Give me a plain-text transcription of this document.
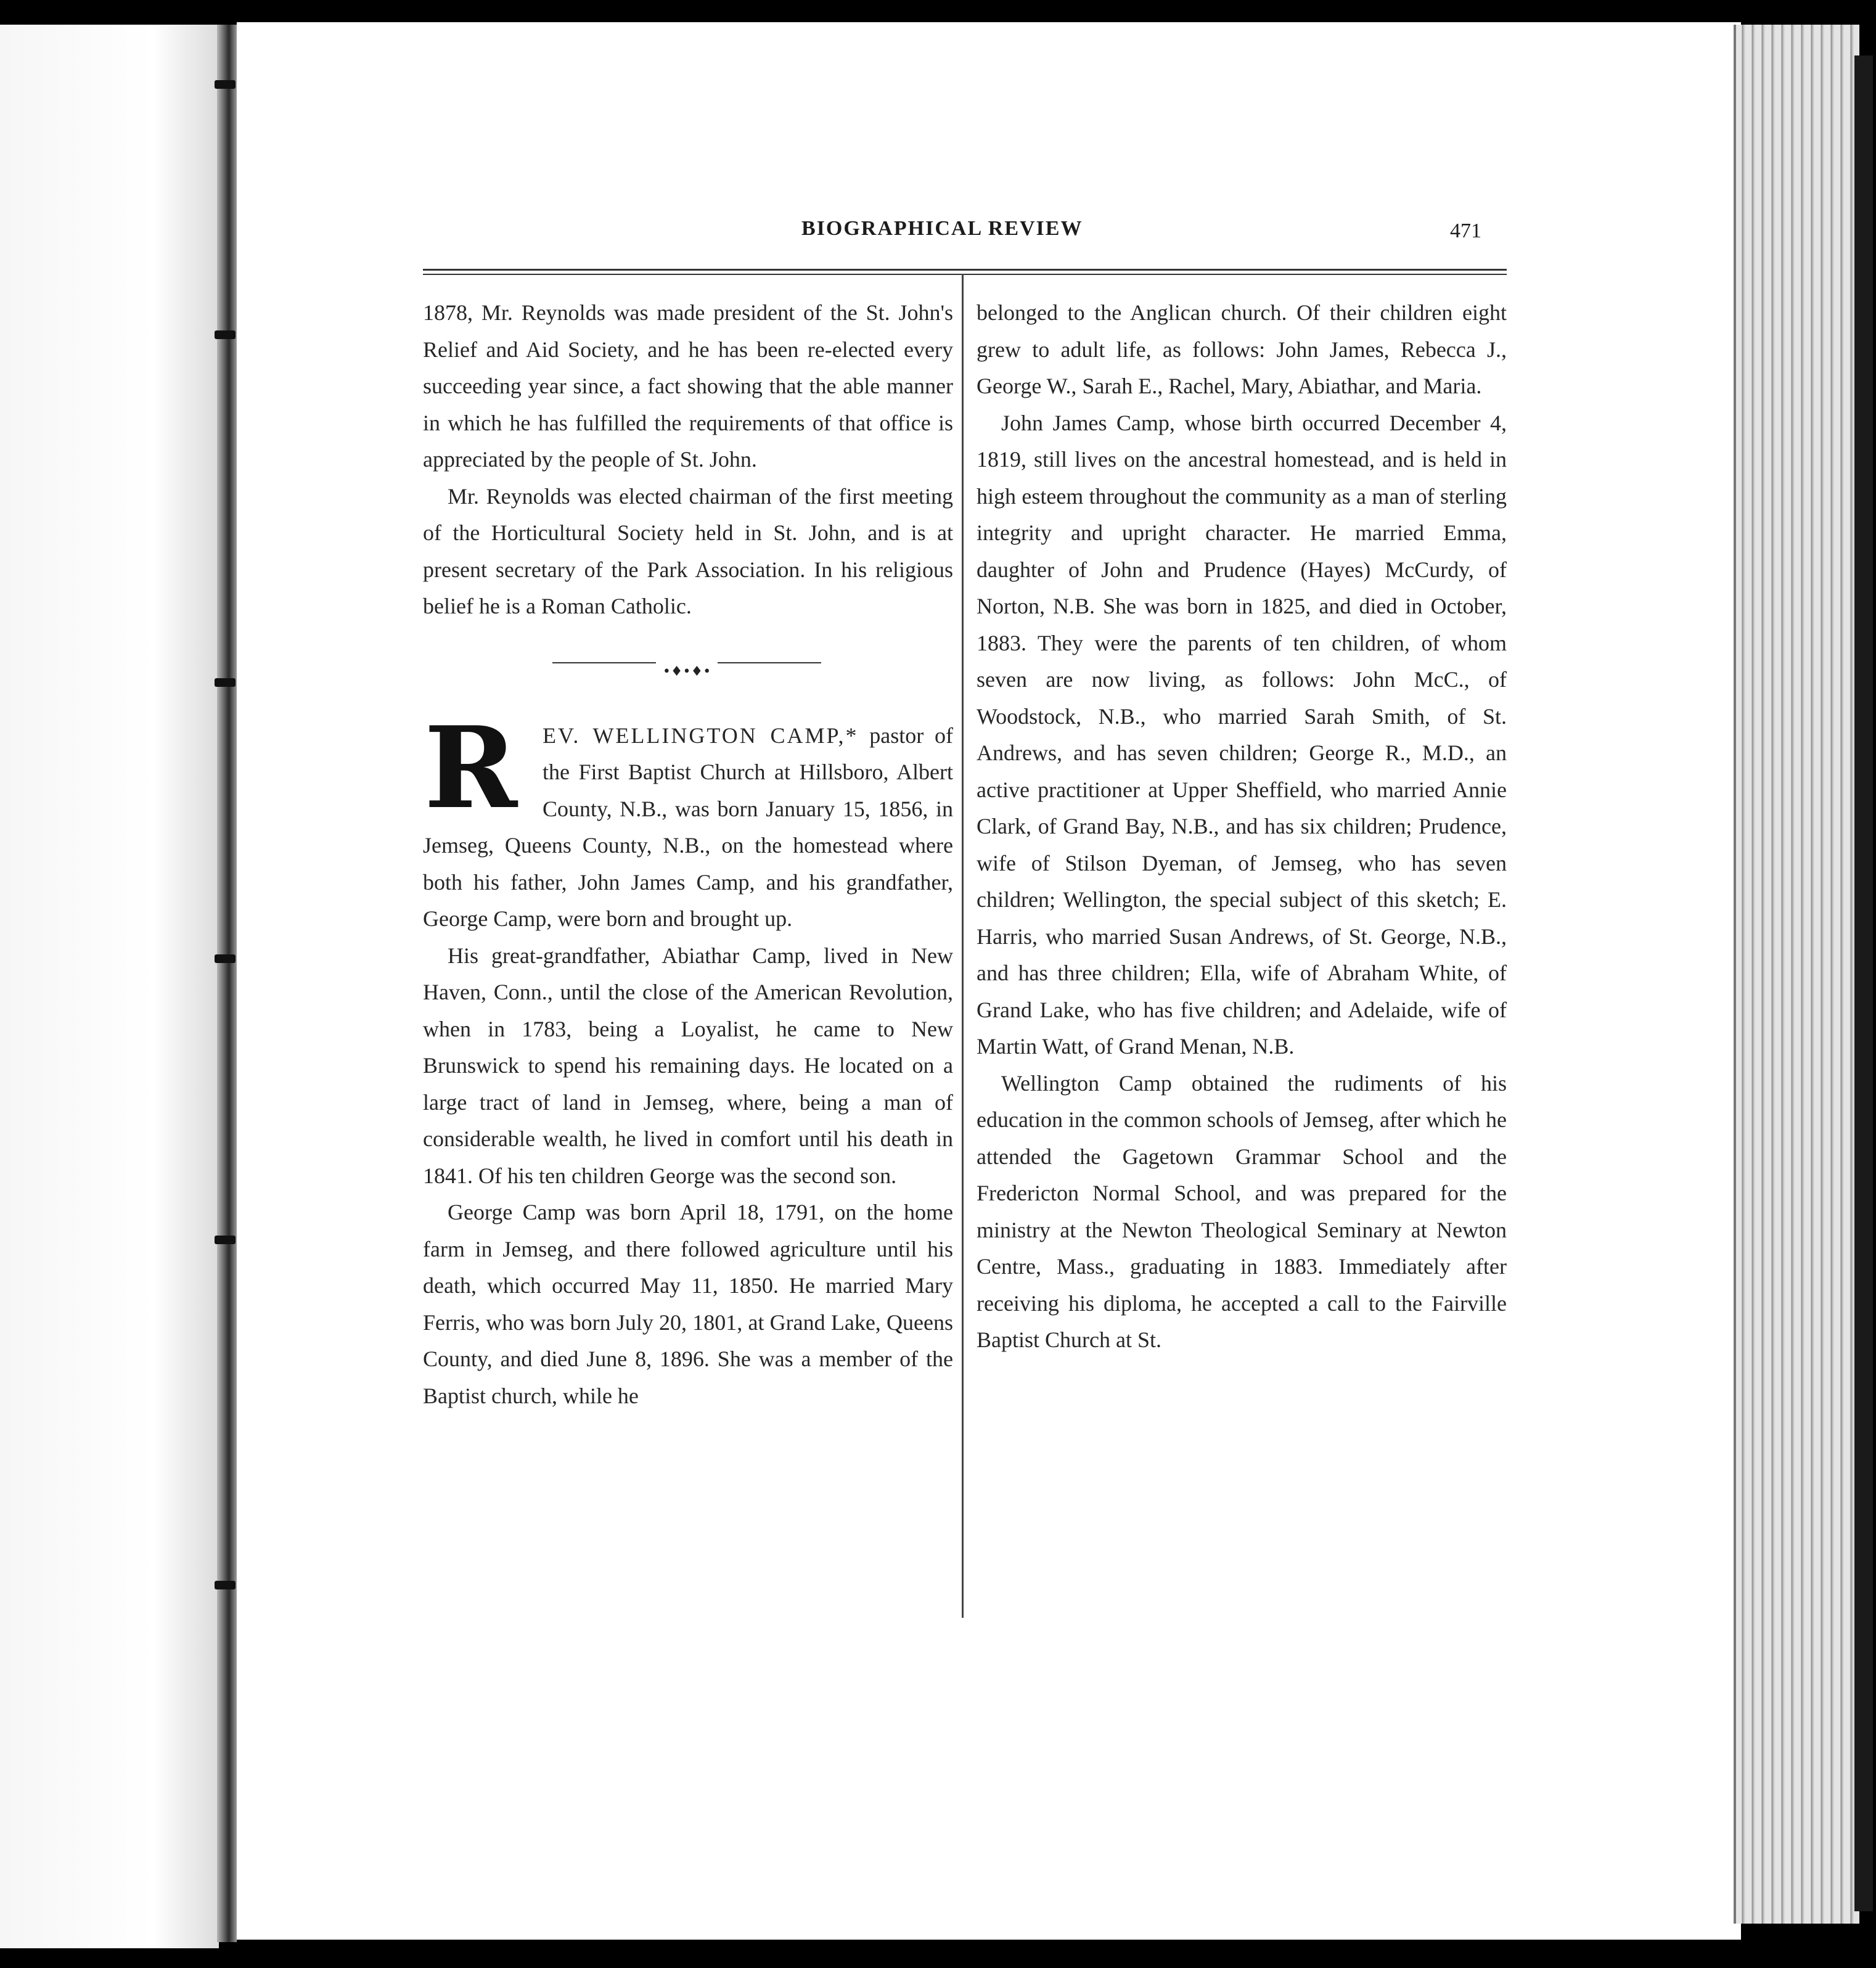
BIOGRAPHICAL REVIEW	471

1878, Mr. Reynolds was made president of the St. John's Relief and Aid Society, and he has been re-elected every succeeding year since, a fact showing that the able manner in which he has fulfilled the requirements of that office is appreciated by the people of St. John.

Mr. Reynolds was elected chairman of the first meeting of the Horticultural Society held in St. John, and is at present secretary of the Park Association. In his religious belief he is a Roman Catholic.

•♦•♦•
R	EV. WELLINGTON CAMP,* pastor of the First Baptist Church at Hillsboro, Albert County, N.B., was born January 15, 1856, in Jemseg, Queens County, N.B., on the homestead where both his father, John James Camp, and his grandfather, George Camp, were born and brought up.

His great-grandfather, Abiathar Camp, lived in New Haven, Conn., until the close of the American Revolution, when in 1783, being a Loyalist, he came to New Brunswick to spend his remaining days. He located on a large tract of land in Jemseg, where, being a man of considerable wealth, he lived in comfort until his death in 1841. Of his ten children George was the second son.

George Camp was born April 18, 1791, on the home farm in Jemseg, and there followed agriculture until his death, which occurred May 11, 1850. He married Mary Ferris, who was born July 20, 1801, at Grand Lake, Queens County, and died June 8, 1896. She was a member of the Baptist church, while he

belonged to the Anglican church. Of their children eight grew to adult life, as follows: John James, Rebecca J., George W., Sarah E., Rachel, Mary, Abiathar, and Maria.

John James Camp, whose birth occurred December 4, 1819, still lives on the ancestral homestead, and is held in high esteem throughout the community as a man of sterling integrity and upright character. He married Emma, daughter of John and Prudence (Hayes) McCurdy, of Norton, N.B. She was born in 1825, and died in October, 1883. They were the parents of ten children, of whom seven are now living, as follows: John McC., of Woodstock, N.B., who married Sarah Smith, of St. Andrews, and has seven children; George R., M.D., an active practitioner at Upper Sheffield, who married Annie Clark, of Grand Bay, N.B., and has six children; Prudence, wife of Stilson Dyeman, of Jemseg, who has seven children; Wellington, the special subject of this sketch; E. Harris, who married Susan Andrews, of St. George, N.B., and has three children; Ella, wife of Abraham White, of Grand Lake, who has five children; and Adelaide, wife of Martin Watt, of Grand Menan, N.B.

Wellington Camp obtained the rudiments of his education in the common schools of Jemseg, after which he attended the Gagetown Grammar School and the Fredericton Normal School, and was prepared for the ministry at the Newton Theological Seminary at Newton Centre, Mass., graduating in 1883. Immediately after receiving his diploma, he accepted a call to the Fairville Baptist Church at St.
